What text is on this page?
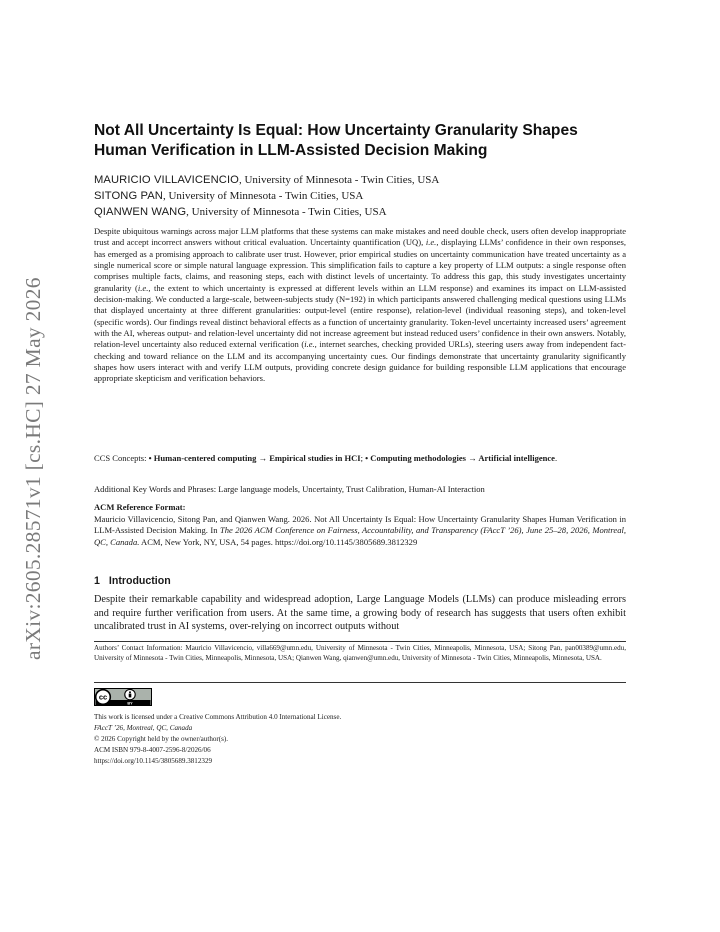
arXiv:2605.28571v1 [cs.HC] 27 May 2026
Not All Uncertainty Is Equal: How Uncertainty Granularity Shapes Human Verification in LLM-Assisted Decision Making
MAURICIO VILLAVICENCIO, University of Minnesota - Twin Cities, USA
SITONG PAN, University of Minnesota - Twin Cities, USA
QIANWEN WANG, University of Minnesota - Twin Cities, USA

Despite ubiquitous warnings across major LLM platforms that these systems can make mistakes and need double check, users often develop inappropriate trust and accept incorrect answers without critical evaluation. Uncertainty quantification (UQ), i.e., displaying LLMs’ confidence in their own responses, has emerged as a promising approach to calibrate user trust. However, prior empirical studies on uncertainty communication have treated uncertainty as a single numerical score or simple natural language expression. This simplification fails to capture a key property of LLM outputs: a single response often comprises multiple facts, claims, and reasoning steps, each with distinct levels of uncertainty. To address this gap, this study investigates uncertainty granularity (i.e., the extent to which uncertainty is expressed at different levels within an LLM response) and examines its impact on LLM-assisted decision-making. We conducted a large-scale, between-subjects study (N=192) in which participants answered challenging medical questions using LLMs that displayed uncertainty at three different granularities: output-level (entire response), relation-level (individual reasoning steps), and token-level (specific words). Our findings reveal distinct behavioral effects as a function of uncertainty granularity. Token-level uncertainty increased users’ agreement with the AI, whereas output- and relation-level uncertainty did not increase agreement but instead reduced users’ confidence in their own answers. Notably, relation-level uncertainty also reduced external verification (i.e., internet searches, checking provided URLs), steering users away from independent fact-checking and toward reliance on the LLM and its accompanying uncertainty cues. Our findings demonstrate that uncertainty granularity significantly shapes how users interact with and verify LLM outputs, providing concrete design guidance for building responsible LLM applications that encourage appropriate skepticism and verification behaviors.

CCS Concepts: • Human-centered computing → Empirical studies in HCI; • Computing methodologies → Artificial intelligence.

Additional Key Words and Phrases: Large language models, Uncertainty, Trust Calibration, Human-AI Interaction

ACM Reference Format:

Mauricio Villavicencio, Sitong Pan, and Qianwen Wang. 2026. Not All Uncertainty Is Equal: How Uncertainty Granularity Shapes Human Verification in LLM-Assisted Decision Making. In The 2026 ACM Conference on Fairness, Accountability, and Transparency (FAccT ’26), June 25–28, 2026, Montreal, QC, Canada. ACM, New York, NY, USA, 54 pages. https://doi.org/10.1145/3805689.3812329

1 Introduction

Despite their remarkable capability and widespread adoption, Large Language Models (LLMs) can produce misleading errors and require further verification from users. At the same time, a growing body of research has suggests that users often exhibit uncalibrated trust in AI systems, over-relying on incorrect outputs without

Authors’ Contact Information: Mauricio Villavicencio, villa669@umn.edu, University of Minnesota - Twin Cities, Minneapolis, Minnesota, USA; Sitong Pan, pan00389@umn.edu, University of Minnesota - Twin Cities, Minneapolis, Minnesota, USA; Qianwen Wang, qianwen@umn.edu, University of Minnesota - Twin Cities, Minneapolis, Minnesota, USA.

cc
BY
This work is licensed under a Creative Commons Attribution 4.0 International License.
FAccT ’26, Montreal, QC, Canada
© 2026 Copyright held by the owner/author(s).
ACM ISBN 979-8-4007-2596-8/2026/06
https://doi.org/10.1145/3805689.3812329
